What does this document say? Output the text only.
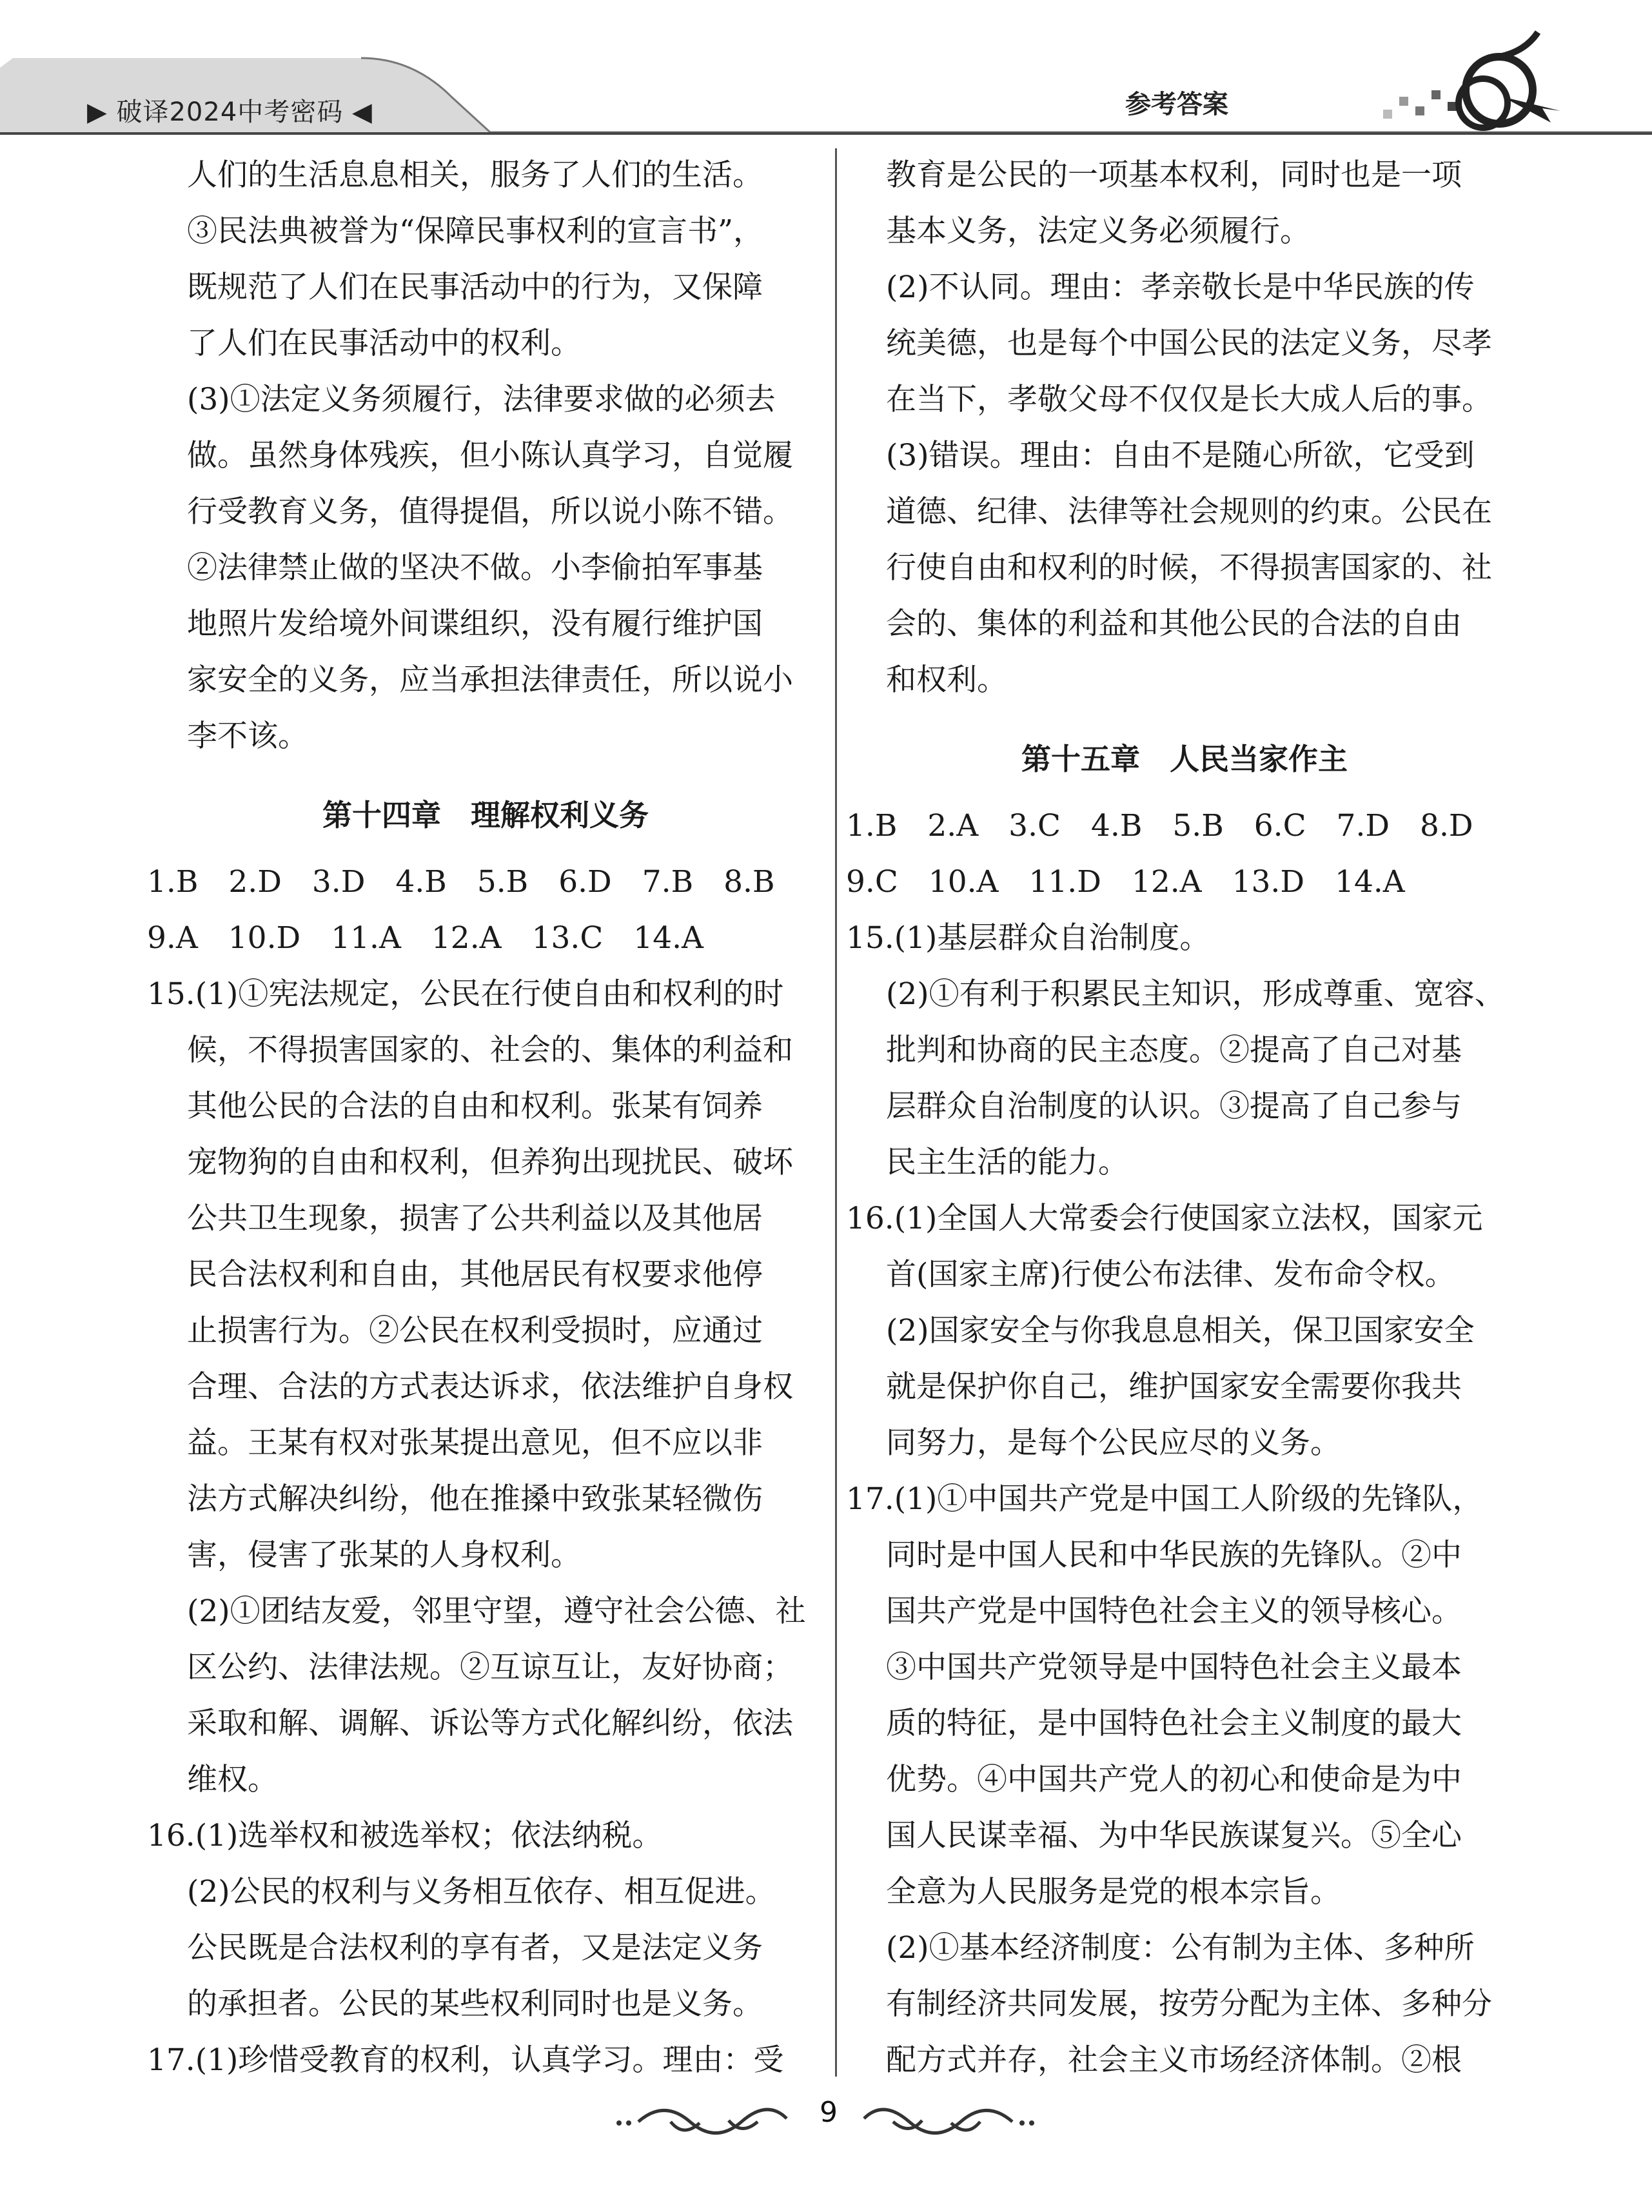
▶ 破译2024中考密码 ◀	参考答案
人们的生活息息相关，服务了人们的生活。
③民法典被誉为“保障民事权利的宣言书”，
既规范了人们在民事活动中的行为，又保障
了人们在民事活动中的权利。
(3)①法定义务须履行，法律要求做的必须去
做。虽然身体残疾，但小陈认真学习，自觉履
行受教育义务，值得提倡，所以说小陈不错。
②法律禁止做的坚决不做。小李偷拍军事基
地照片发给境外间谍组织，没有履行维护国
家安全的义务，应当承担法律责任，所以说小
李不该。
第十四章　理解权利义务
1.B　2.D　3.D　4.B　5.B　6.D　7.B　8.B
9.A　10.D　11.A　12.A　13.C　14.A
15.(1)①宪法规定，公民在行使自由和权利的时
候，不得损害国家的、社会的、集体的利益和
其他公民的合法的自由和权利。张某有饲养
宠物狗的自由和权利，但养狗出现扰民、破坏
公共卫生现象，损害了公共利益以及其他居
民合法权利和自由，其他居民有权要求他停
止损害行为。②公民在权利受损时，应通过
合理、合法的方式表达诉求，依法维护自身权
益。王某有权对张某提出意见，但不应以非
法方式解决纠纷，他在推搡中致张某轻微伤
害，侵害了张某的人身权利。
(2)①团结友爱，邻里守望，遵守社会公德、社
区公约、法律法规。②互谅互让，友好协商；
采取和解、调解、诉讼等方式化解纠纷，依法
维权。
16.(1)选举权和被选举权；依法纳税。
(2)公民的权利与义务相互依存、相互促进。
公民既是合法权利的享有者，又是法定义务
的承担者。公民的某些权利同时也是义务。
17.(1)珍惜受教育的权利，认真学习。理由：受
教育是公民的一项基本权利，同时也是一项
基本义务，法定义务必须履行。
(2)不认同。理由：孝亲敬长是中华民族的传
统美德，也是每个中国公民的法定义务，尽孝
在当下，孝敬父母不仅仅是长大成人后的事。
(3)错误。理由：自由不是随心所欲，它受到
道德、纪律、法律等社会规则的约束。公民在
行使自由和权利的时候，不得损害国家的、社
会的、集体的利益和其他公民的合法的自由
和权利。
第十五章　人民当家作主
1.B　2.A　3.C　4.B　5.B　6.C　7.D　8.D
9.C　10.A　11.D　12.A　13.D　14.A
15.(1)基层群众自治制度。
(2)①有利于积累民主知识，形成尊重、宽容、
批判和协商的民主态度。②提高了自己对基
层群众自治制度的认识。③提高了自己参与
民主生活的能力。
16.(1)全国人大常委会行使国家立法权，国家元
首(国家主席)行使公布法律、发布命令权。
(2)国家安全与你我息息相关，保卫国家安全
就是保护你自己，维护国家安全需要你我共
同努力，是每个公民应尽的义务。
17.(1)①中国共产党是中国工人阶级的先锋队，
同时是中国人民和中华民族的先锋队。②中
国共产党是中国特色社会主义的领导核心。
③中国共产党领导是中国特色社会主义最本
质的特征，是中国特色社会主义制度的最大
优势。④中国共产党人的初心和使命是为中
国人民谋幸福、为中华民族谋复兴。⑤全心
全意为人民服务是党的根本宗旨。
(2)①基本经济制度：公有制为主体、多种所
有制经济共同发展，按劳分配为主体、多种分
配方式并存，社会主义市场经济体制。②根
9
